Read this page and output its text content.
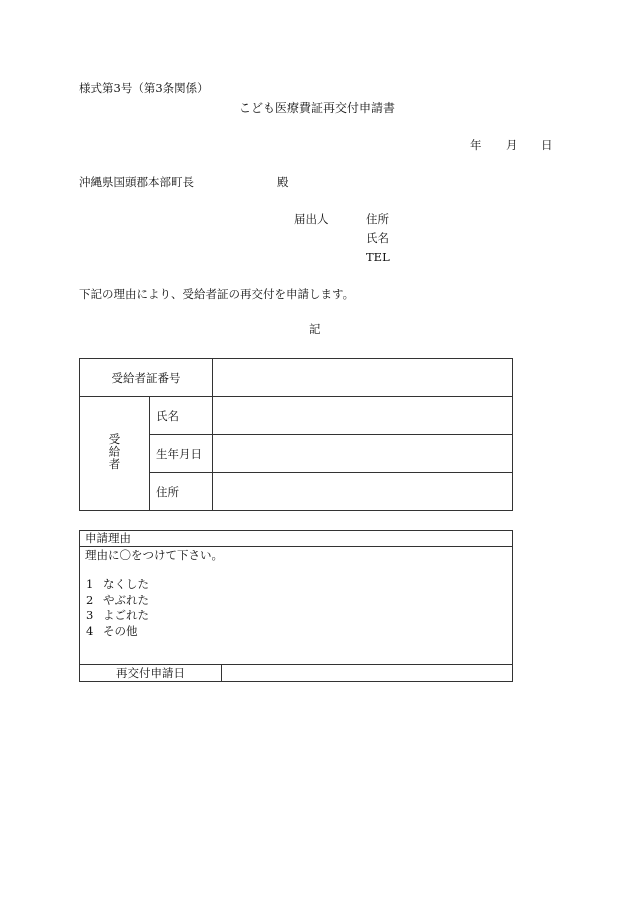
様式第3号（第3条関係）
こども医療費証再交付申請書
年 月 日
沖縄県国頭郡本部町長	殿
届出人	住所
氏名
TEL
下記の理由により、受給者証の再交付を申請します。
記
受給者証番号		
受給者	氏名	
	生年月日	
	住所	
申請理由
理由に〇をつけて下さい。
1 なくした
2 やぶれた
3 よごれた
4 その他
再交付申請日
